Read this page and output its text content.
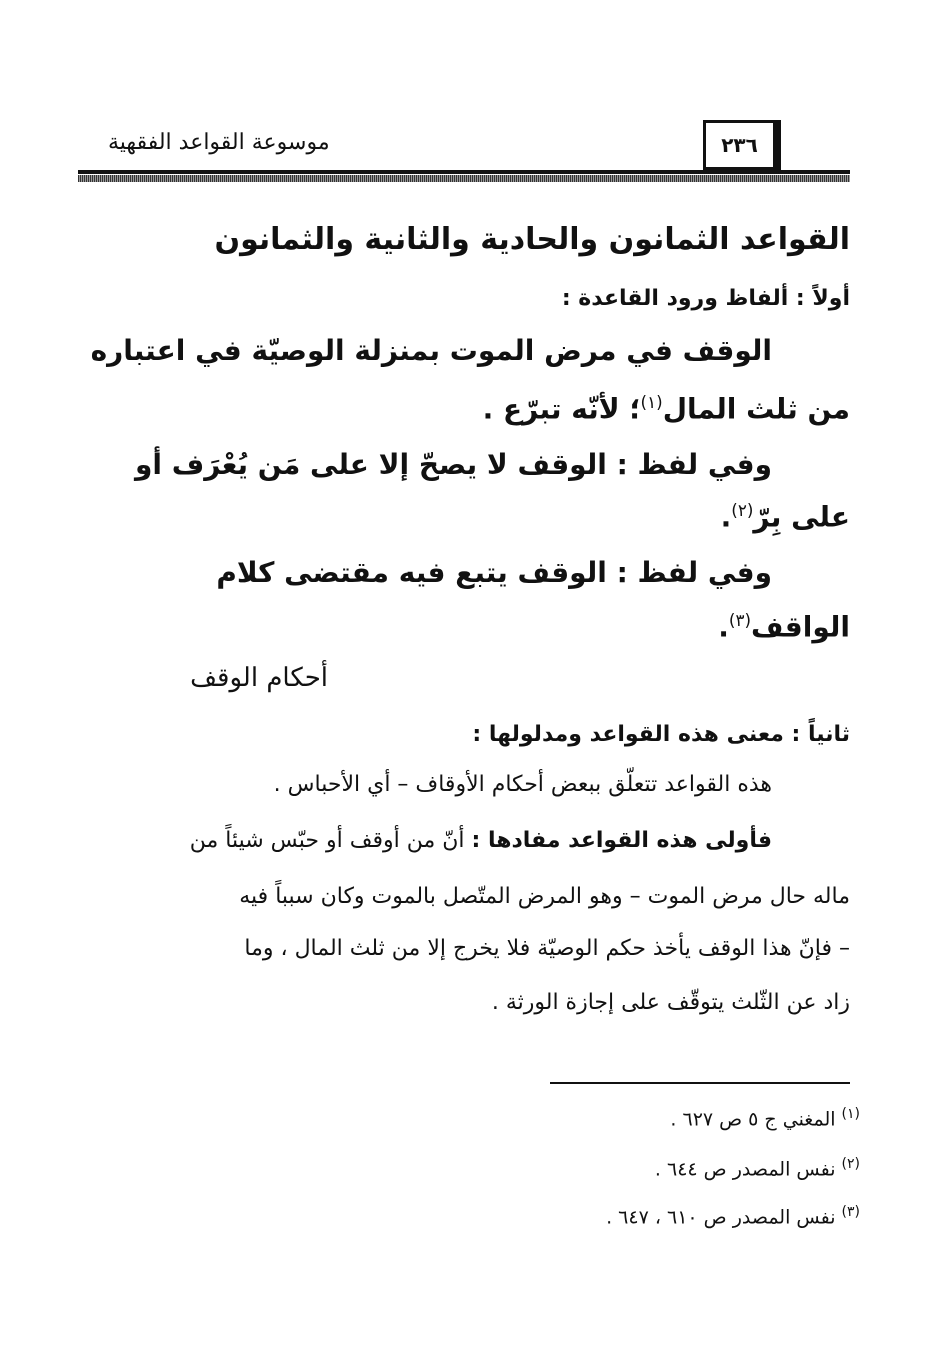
موسوعة القواعد الفقهية	٢٣٦
القواعد الثمانون والحادية والثانية والثمانون
أولاً : ألفاظ ورود القاعدة :
الوقف في مرض الموت بمنزلة الوصيّة في اعتباره
من ثلث المال$^{(١)}$؛ لأنّه تبرّع .
وفي لفظ : الوقف لا يصحّ إلا على مَن يُعْرَف أو
على بِرّ$^{(٢)}$.
وفي لفظ : الوقف يتبع فيه مقتضى كلام
الواقف$^{(٣)}$.
أحكام الوقف
ثانياً : معنى هذه القواعد ومدلولها :
هذه القواعد تتعلّق ببعض أحكام الأوقاف – أي الأحباس .
فأولى هذه القواعد مفادها : أنّ من أوقف أو حبّس شيئاً من
ماله حال مرض الموت – وهو المرض المتّصل بالموت وكان سبباً فيه
– فإنّ هذا الوقف يأخذ حكم الوصيّة فلا يخرج إلا من ثلث المال ، وما
زاد عن الثّلث يتوقّف على إجازة الورثة .
$^{(١)}$المغني ج ٥ ص ٦٢٧ .
$^{(٢)}$نفس المصدر ص ٦٤٤ .
$^{(٣)}$نفس المصدر ص ٦١٠ ، ٦٤٧ .
